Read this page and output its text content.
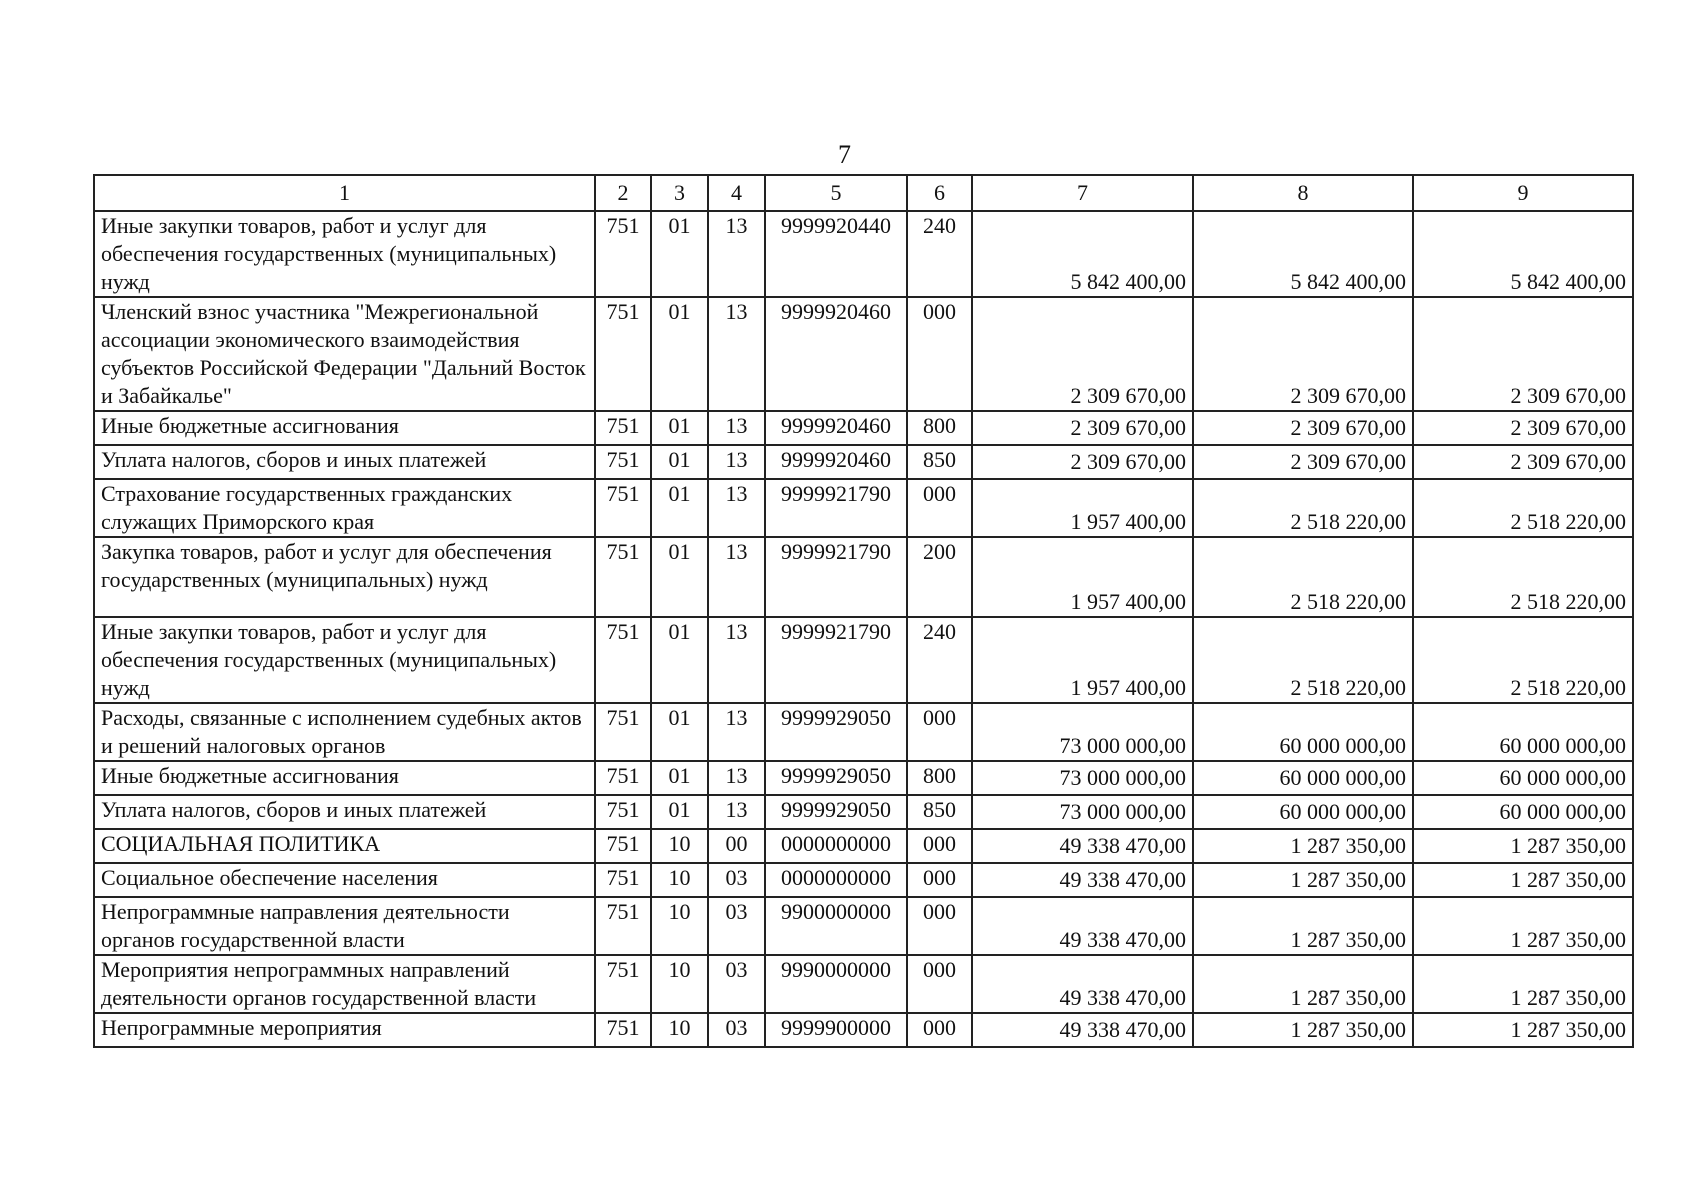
7
1	2	3	4	5	6	7	8	9
Иные закупки товаров, работ и услуг для обеспечения государственных (муниципальных) нужд	751	01	13	9999920440	240	5 842 400,00	5 842 400,00	5 842 400,00
Членский взнос участника "Межрегиональной ассоциации экономического взаимодействия субъектов Российской Федерации "Дальний Восток и Забайкалье"	751	01	13	9999920460	000	2 309 670,00	2 309 670,00	2 309 670,00
Иные бюджетные ассигнования	751	01	13	9999920460	800	2 309 670,00	2 309 670,00	2 309 670,00
Уплата налогов, сборов и иных платежей	751	01	13	9999920460	850	2 309 670,00	2 309 670,00	2 309 670,00
Страхование государственных гражданских служащих Приморского края	751	01	13	9999921790	000	1 957 400,00	2 518 220,00	2 518 220,00
Закупка товаров, работ и услуг для обеспечения государственных (муниципальных) нужд	751	01	13	9999921790	200	1 957 400,00	2 518 220,00	2 518 220,00
Иные закупки товаров, работ и услуг для обеспечения государственных (муниципальных) нужд	751	01	13	9999921790	240	1 957 400,00	2 518 220,00	2 518 220,00
Расходы, связанные с исполнением судебных актов и решений налоговых органов	751	01	13	9999929050	000	73 000 000,00	60 000 000,00	60 000 000,00
Иные бюджетные ассигнования	751	01	13	9999929050	800	73 000 000,00	60 000 000,00	60 000 000,00
Уплата налогов, сборов и иных платежей	751	01	13	9999929050	850	73 000 000,00	60 000 000,00	60 000 000,00
СОЦИАЛЬНАЯ ПОЛИТИКА	751	10	00	0000000000	000	49 338 470,00	1 287 350,00	1 287 350,00
Социальное обеспечение населения	751	10	03	0000000000	000	49 338 470,00	1 287 350,00	1 287 350,00
Непрограммные направления деятельности органов государственной власти	751	10	03	9900000000	000	49 338 470,00	1 287 350,00	1 287 350,00
Мероприятия непрограммных направлений деятельности органов государственной власти	751	10	03	9990000000	000	49 338 470,00	1 287 350,00	1 287 350,00
Непрограммные мероприятия	751	10	03	9999900000	000	49 338 470,00	1 287 350,00	1 287 350,00
